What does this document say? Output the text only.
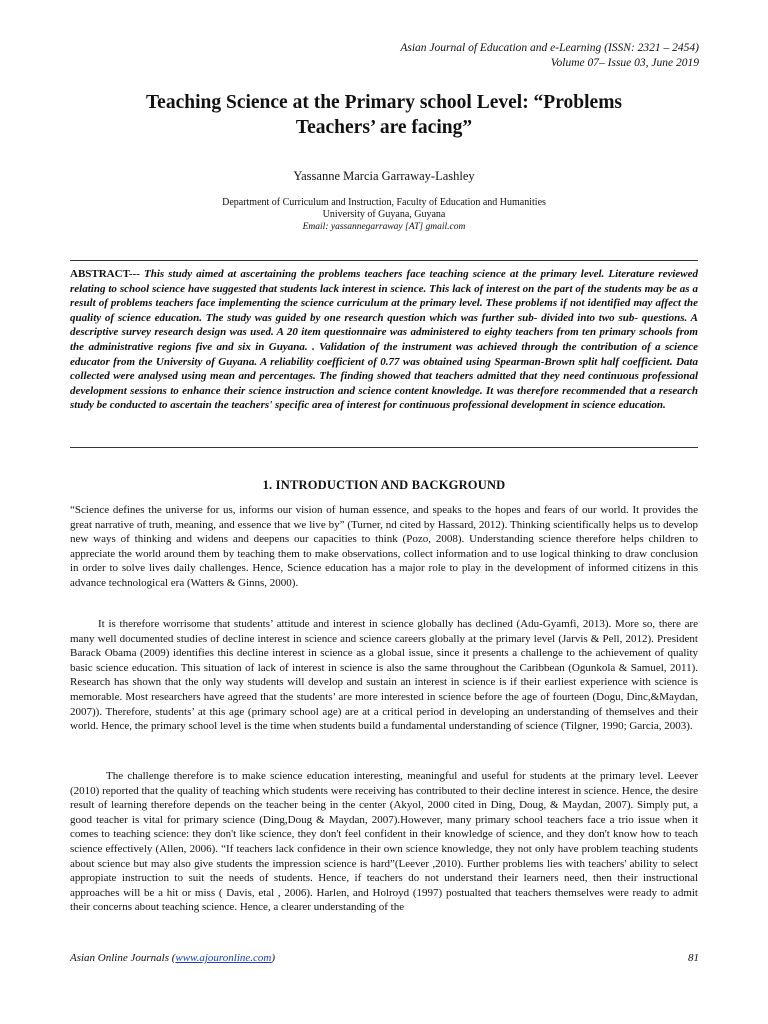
Asian Journal of Education and e-Learning (ISSN: 2321 – 2454)
Volume 07– Issue 03, June 2019
Teaching Science at the Primary school Level: “Problems
Teachers’ are facing”
Yassanne Marcia Garraway-Lashley
Department of Curriculum and Instruction, Faculty of Education and Humanities
University of Guyana, Guyana
Email: yassannegarraway [AT] gmail.com
ABSTRACT--- This study aimed at ascertaining the problems teachers face teaching science at the primary level. Literature reviewed relating to school science have suggested that students lack interest in science. This lack of interest on the part of the students may be as a result of problems teachers face implementing the science curriculum at the primary level. These problems if not identified may affect the quality of science education. The study was guided by one research question which was further sub- divided into two sub- questions. A descriptive survey research design was used. A 20 item questionnaire was administered to eighty teachers from ten primary schools from the administrative regions five and six in Guyana. . Validation of the instrument was achieved through the contribution of a science educator from the University of Guyana. A reliability coefficient of 0.77 was obtained using Spearman-Brown split half coefficient. Data collected were analysed using mean and percentages. The finding showed that teachers admitted that they need continuous professional development sessions to enhance their science instruction and science content knowledge. It was therefore recommended that a research study be conducted to ascertain the teachers' specific area of interest for continuous professional development in science education.
1. INTRODUCTION AND BACKGROUND

“Science defines the universe for us, informs our vision of human essence, and speaks to the hopes and fears of our world. It provides the great narrative of truth, meaning, and essence that we live by” (Turner, nd cited by Hassard, 2012). Thinking scientifically helps us to develop new ways of thinking and widens and deepens our capacities to think (Pozo, 2008). Understanding science therefore helps children to appreciate the world around them by teaching them to make observations, collect information and to use logical thinking to draw conclusion in order to solve lives daily challenges. Hence, Science education has a major role to play in the development of informed citizens in this advance technological era (Watters & Ginns, 2000).

It is therefore worrisome that students’ attitude and interest in science globally has declined (Adu-Gyamfi, 2013). More so, there are many well documented studies of decline interest in science and science careers globally at the primary level (Jarvis & Pell, 2012). President Barack Obama (2009) identifies this decline interest in science as a global issue, since it presents a challenge to the achievement of quality basic science education. This situation of lack of interest in science is also the same throughout the Caribbean (Ogunkola & Samuel, 2011). Research has shown that the only way students will develop and sustain an interest in science is if their earliest experience with science is memorable. Most researchers have agreed that the students’ are more interested in science before the age of fourteen (Dogu, Dinc,&Maydan, 2007)). Therefore, students’ at this age (primary school age) are at a critical period in developing an understanding of themselves and their world. Hence, the primary school level is the time when students build a fundamental understanding of science (Tilgner, 1990; Garcia, 2003).

The challenge therefore is to make science education interesting, meaningful and useful for students at the primary level. Leever (2010) reported that the quality of teaching which students were receiving has contributed to their decline interest in science. Hence, the desire result of learning therefore depends on the teacher being in the center (Akyol, 2000 cited in Ding, Doug, & Maydan, 2007). Simply put, a good teacher is vital for primary science (Ding,Doug & Maydan, 2007).However, many primary school teachers face a trio issue when it comes to teaching science: they don't like science, they don't feel confident in their knowledge of science, and they don't know how to teach science effectively (Allen, 2006). “If teachers lack confidence in their own science knowledge, they not only have problem teaching students about science but may also give students the impression science is hard”(Leever ,2010). Further problems lies with teachers' ability to select appropiate instruction to suit the needs of students. Hence, if teachers do not understand their learners need, then their instructional approaches will be a hit or miss ( Davis, etal , 2006). Harlen, and Holroyd (1997) postualted that teachers themselves were ready to admit their concerns about teaching science. Hence, a clearer understanding of the

Asian Online Journals (www.ajouronline.com)	81
